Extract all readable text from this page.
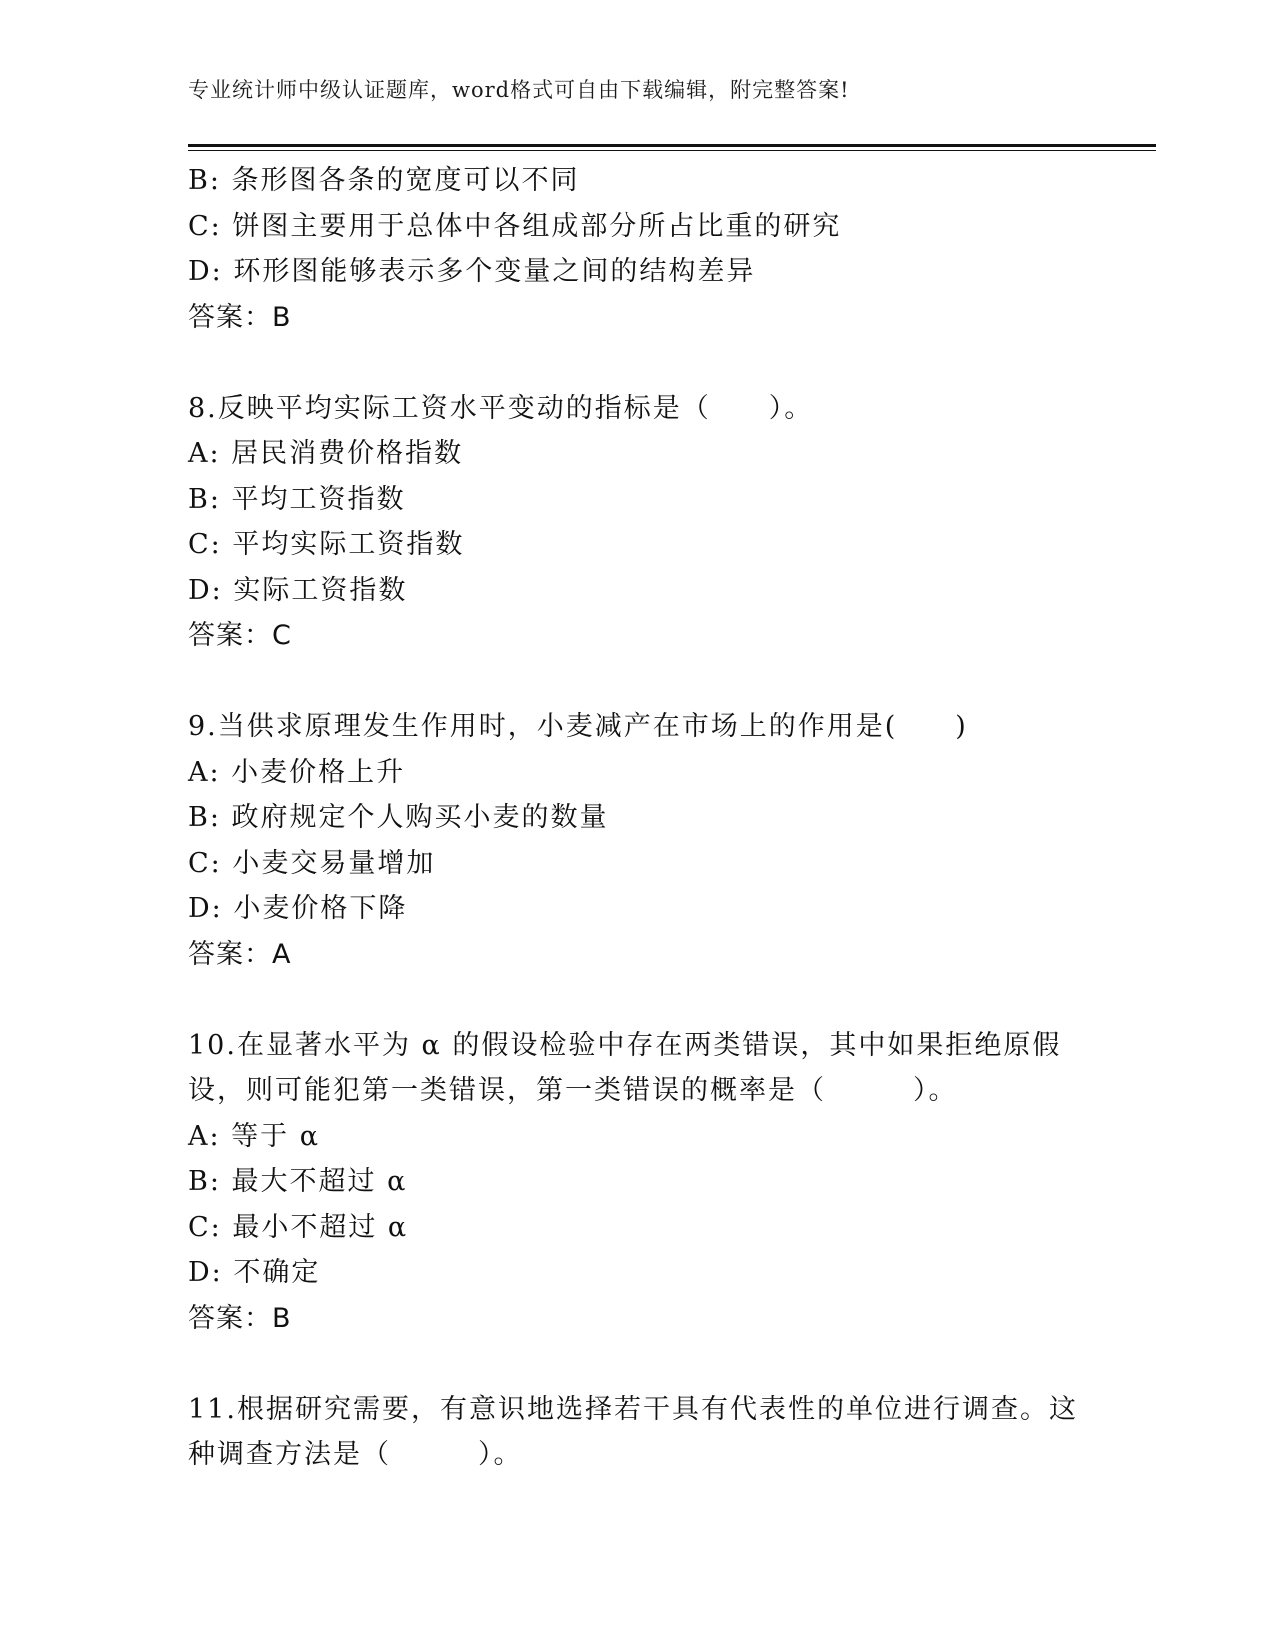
专业统计师中级认证题库，word格式可自由下载编辑，附完整答案!
B: 条形图各条的宽度可以不同
C: 饼图主要用于总体中各组成部分所占比重的研究
D: 环形图能够表示多个变量之间的结构差异
答案：B
8.反映平均实际工资水平变动的指标是（　　）。
A: 居民消费价格指数
B: 平均工资指数
C: 平均实际工资指数
D: 实际工资指数
答案：C
9.当供求原理发生作用时，小麦减产在市场上的作用是(　　)
A: 小麦价格上升
B: 政府规定个人购买小麦的数量
C: 小麦交易量增加
D: 小麦价格下降
答案：A
10.在显著水平为 α 的假设检验中存在两类错误，其中如果拒绝原假
设，则可能犯第一类错误，第一类错误的概率是（　　　）。
A: 等于 α
B: 最大不超过 α
C: 最小不超过 α
D: 不确定
答案：B
11.根据研究需要，有意识地选择若干具有代表性的单位进行调查。这
种调查方法是（　　　）。
